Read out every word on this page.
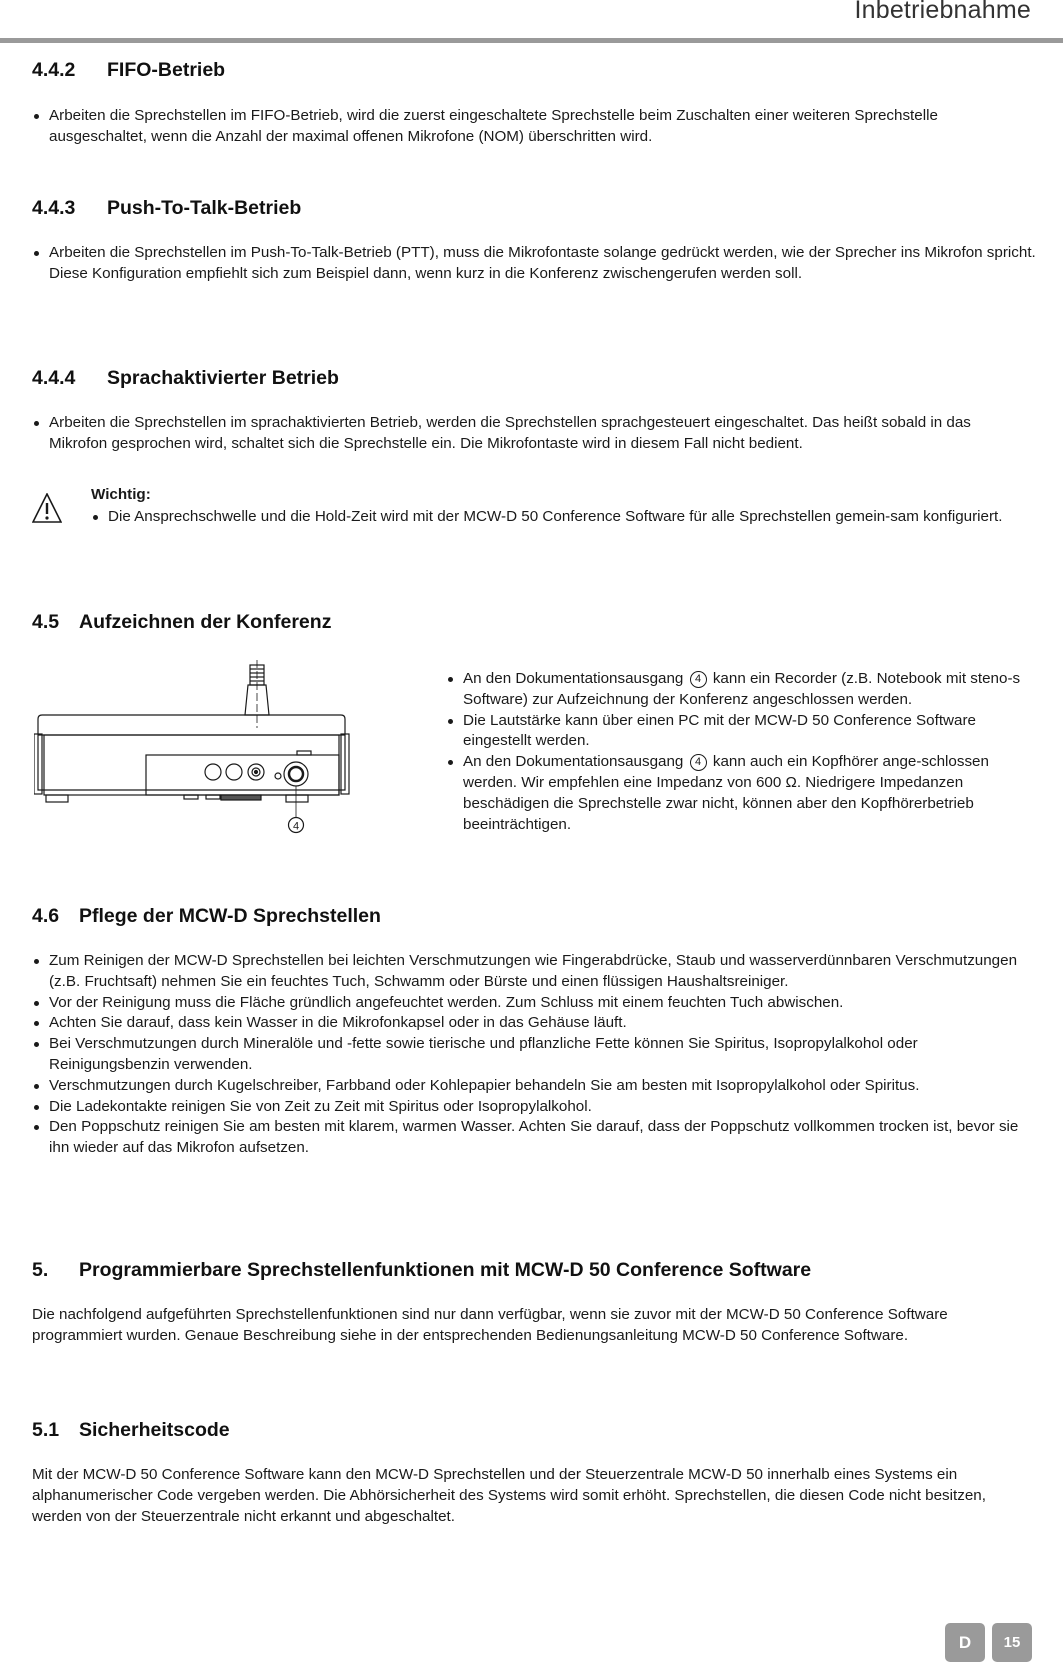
Inbetriebnahme
4.4.2 FIFO-Betrieb
Arbeiten die Sprechstellen im FIFO-Betrieb, wird die zuerst eingeschaltete Sprechstelle beim Zuschalten einer weiteren Sprechstelle ausgeschaltet, wenn die Anzahl der maximal offenen Mikrofone (NOM) überschritten wird.
4.4.3 Push-To-Talk-Betrieb
Arbeiten die Sprechstellen im Push-To-Talk-Betrieb (PTT), muss die Mikrofontaste solange gedrückt werden, wie der Sprecher ins Mikrofon spricht. Diese Konfiguration empfiehlt sich zum Beispiel dann, wenn kurz in die Konferenz zwischengerufen werden soll.
4.4.4 Sprachaktivierter Betrieb
Arbeiten die Sprechstellen im sprachaktivierten Betrieb, werden die Sprechstellen sprachgesteuert eingeschaltet. Das heißt sobald in das Mikrofon gesprochen wird, schaltet sich die Sprechstelle ein. Die Mikrofontaste wird in diesem Fall nicht bedient.
Wichtig:
Die Ansprechschwelle und die Hold-Zeit wird mit der MCW-D 50 Conference Software für alle Sprechstellen gemein-sam konfiguriert.
4.5 Aufzeichnen der Konferenz
4
An den Dokumentationsausgang 4 kann ein Recorder (z.B. Notebook mit steno-s Software) zur Aufzeichnung der Konferenz angeschlossen werden.
Die Lautstärke kann über einen PC mit der MCW-D 50 Conference Software eingestellt werden.
An den Dokumentationsausgang 4 kann auch ein Kopfhörer ange-schlossen werden. Wir empfehlen eine Impedanz von 600 Ω. Niedrigere Impedanzen beschädigen die Sprechstelle zwar nicht, können aber den Kopfhörerbetrieb beeinträchtigen.
4.6 Pflege der MCW-D Sprechstellen
Zum Reinigen der MCW-D Sprechstellen bei leichten Verschmutzungen wie Fingerabdrücke, Staub und wasserverdünnbaren Verschmutzungen (z.B. Fruchtsaft) nehmen Sie ein feuchtes Tuch, Schwamm oder Bürste und einen flüssigen Haushaltsreiniger.
Vor der Reinigung muss die Fläche gründlich angefeuchtet werden. Zum Schluss mit einem feuchten Tuch abwischen.
Achten Sie darauf, dass kein Wasser in die Mikrofonkapsel oder in das Gehäuse läuft.
Bei Verschmutzungen durch Mineralöle und -fette sowie tierische und pflanzliche Fette können Sie Spiritus, Isopropylalkohol oder Reinigungsbenzin verwenden.
Verschmutzungen durch Kugelschreiber, Farbband oder Kohlepapier behandeln Sie am besten mit Isopropylalkohol oder Spiritus.
Die Ladekontakte reinigen Sie von Zeit zu Zeit mit Spiritus oder Isopropylalkohol.
Den Poppschutz reinigen Sie am besten mit klarem, warmen Wasser. Achten Sie darauf, dass der Poppschutz vollkommen trocken ist, bevor sie ihn wieder auf das Mikrofon aufsetzen.
5. Programmierbare Sprechstellenfunktionen mit MCW-D 50 Conference Software
Die nachfolgend aufgeführten Sprechstellenfunktionen sind nur dann verfügbar, wenn sie zuvor mit der MCW-D 50 Conference Software programmiert wurden. Genaue Beschreibung siehe in der entsprechenden Bedienungsanleitung MCW-D 50 Conference Software.
5.1 Sicherheitscode
Mit der MCW-D 50 Conference Software kann den MCW-D Sprechstellen und der Steuerzentrale MCW-D 50 innerhalb eines Systems ein alphanumerischer Code vergeben werden. Die Abhörsicherheit des Systems wird somit erhöht. Sprechstellen, die diesen Code nicht besitzen, werden von der Steuerzentrale nicht erkannt und abgeschaltet.
D	15
